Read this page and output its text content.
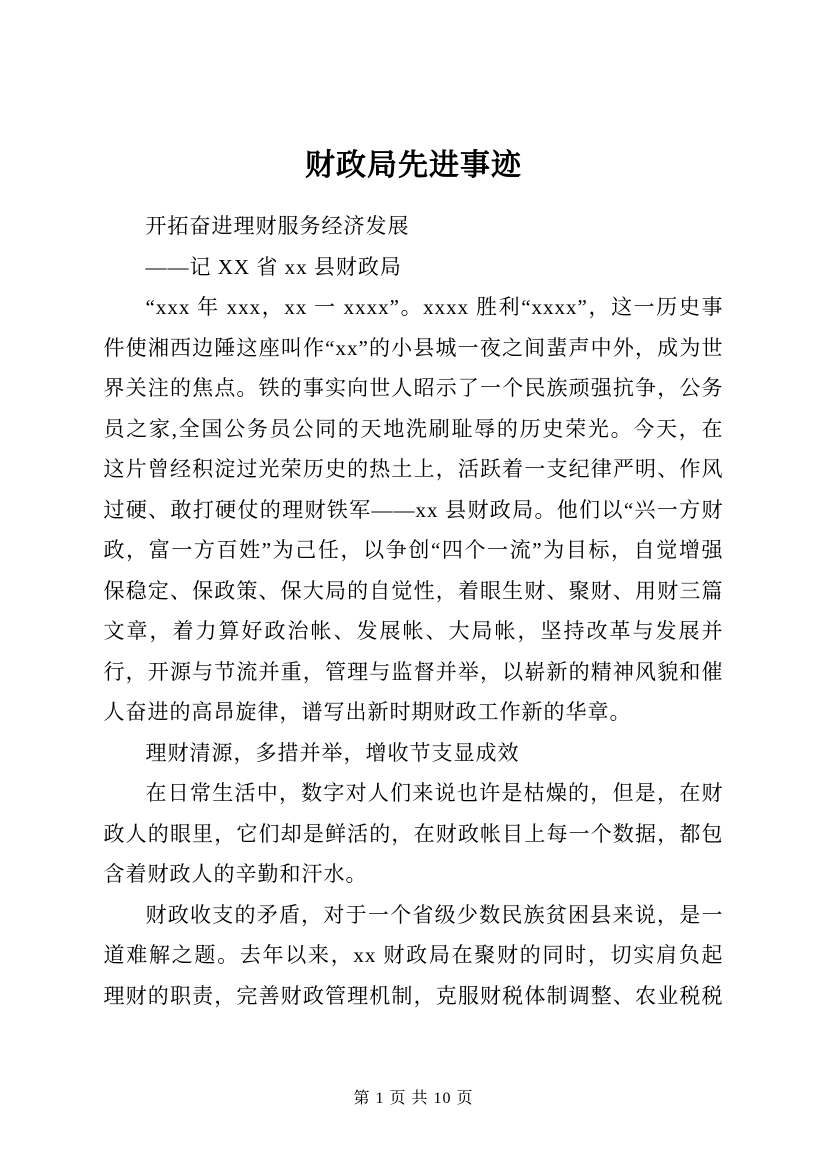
财政局先进事迹

开拓奋进理财服务经济发展

——记 XX 省 xx 县财政局

“xxx 年 xxx，xx 一 xxxx”。xxxx 胜利“xxxx”，这一历史事件使湘西边陲这座叫作“xx”的小县城一夜之间蜚声中外，成为世界关注的焦点。铁的事实向世人昭示了一个民族顽强抗争，公务员之家,全国公务员公同的天地洗刷耻辱的历史荣光。今天，在这片曾经积淀过光荣历史的热土上，活跃着一支纪律严明、作风过硬、敢打硬仗的理财铁军——xx 县财政局。他们以“兴一方财政，富一方百姓”为己任，以争创“四个一流”为目标，自觉增强保稳定、保政策、保大局的自觉性，着眼生财、聚财、用财三篇文章，着力算好政治帐、发展帐、大局帐，坚持改革与发展并行，开源与节流并重，管理与监督并举，以崭新的精神风貌和催人奋进的高昂旋律，谱写出新时期财政工作新的华章。

理财清源，多措并举，增收节支显成效

在日常生活中，数字对人们来说也许是枯燥的，但是，在财政人的眼里，它们却是鲜活的，在财政帐目上每一个数据，都包含着财政人的辛勤和汗水。

财政收支的矛盾，对于一个省级少数民族贫困县来说，是一道难解之题。去年以来，xx 财政局在聚财的同时，切实肩负起理财的职责，完善财政管理机制，克服财税体制调整、农业税税

第 1 页 共 10 页
